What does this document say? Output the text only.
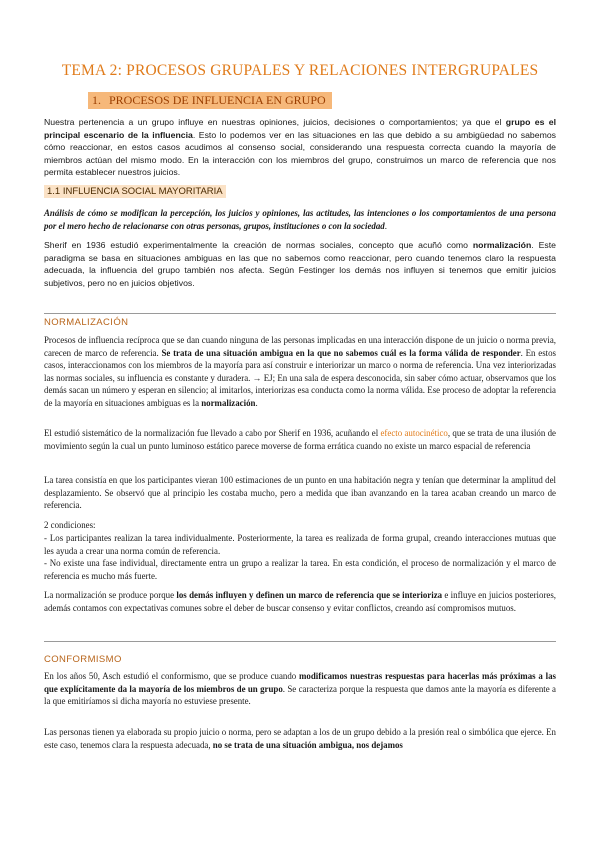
TEMA 2: PROCESOS GRUPALES Y RELACIONES INTERGRUPALES
1. PROCESOS DE INFLUENCIA EN GRUPO

Nuestra pertenencia a un grupo influye en nuestras opiniones, juicios, decisiones o comportamientos; ya que el grupo es el principal escenario de la influencia. Esto lo podemos ver en las situaciones en las que debido a su ambigüedad no sabemos cómo reaccionar, en estos casos acudimos al consenso social, considerando una respuesta correcta cuando la mayoría de miembros actúan del mismo modo. En la interacción con los miembros del grupo, construimos un marco de referencia que nos permita establecer nuestros juicios.

1.1 INFLUENCIA SOCIAL MAYORITARIA

Análisis de cómo se modifican la percepción, los juicios y opiniones, las actitudes, las intenciones o los comportamientos de una persona por el mero hecho de relacionarse con otras personas, grupos, instituciones o con la sociedad.

Sherif en 1936 estudió experimentalmente la creación de normas sociales, concepto que acuñó como normalización. Este paradigma se basa en situaciones ambiguas en las que no sabemos como reaccionar, pero cuando tenemos claro la respuesta adecuada, la influencia del grupo también nos afecta. Según Festinger los demás nos influyen si tenemos que emitir juicios subjetivos, pero no en juicios objetivos.

NORMALIZACIÓN

Procesos de influencia recíproca que se dan cuando ninguna de las personas implicadas en una interacción dispone de un juicio o norma previa, carecen de marco de referencia. Se trata de una situación ambigua en la que no sabemos cuál es la forma válida de responder. En estos casos, interaccionamos con los miembros de la mayoría para así construir e interiorizar un marco o norma de referencia. Una vez interiorizadas las normas sociales, su influencia es constante y duradera. → EJ; En una sala de espera desconocida, sin saber cómo actuar, observamos que los demás sacan un número y esperan en silencio; al imitarlos, interiorizas esa conducta como la norma válida. Ese proceso de adoptar la referencia de la mayoría en situaciones ambiguas es la normalización.

El estudió sistemático de la normalización fue llevado a cabo por Sherif en 1936, acuñando el efecto autocinético, que se trata de una ilusión de movimiento según la cual un punto luminoso estático parece moverse de forma errática cuando no existe un marco espacial de referencia

La tarea consistía en que los participantes vieran 100 estimaciones de un punto en una habitación negra y tenían que determinar la amplitud del desplazamiento. Se observó que al principio les costaba mucho, pero a medida que iban avanzando en la tarea acaban creando un marco de referencia.

2 condiciones:

- Los participantes realizan la tarea individualmente. Posteriormente, la tarea es realizada de forma grupal, creando interacciones mutuas que les ayuda a crear una norma común de referencia.

- No existe una fase individual, directamente entra un grupo a realizar la tarea. En esta condición, el proceso de normalización y el marco de referencia es mucho más fuerte.

La normalización se produce porque los demás influyen y definen un marco de referencia que se interioriza e influye en juicios posteriores, además contamos con expectativas comunes sobre el deber de buscar consenso y evitar conflictos, creando así compromisos mutuos.

CONFORMISMO

En los años 50, Asch estudió el conformismo, que se produce cuando modificamos nuestras respuestas para hacerlas más próximas a las que explícitamente da la mayoría de los miembros de un grupo. Se caracteriza porque la respuesta que damos ante la mayoría es diferente a la que emitiríamos si dicha mayoría no estuviese presente.

Las personas tienen ya elaborada su propio juicio o norma, pero se adaptan a los de un grupo debido a la presión real o simbólica que ejerce. En este caso, tenemos clara la respuesta adecuada, no se trata de una situación ambigua, nos dejamos
